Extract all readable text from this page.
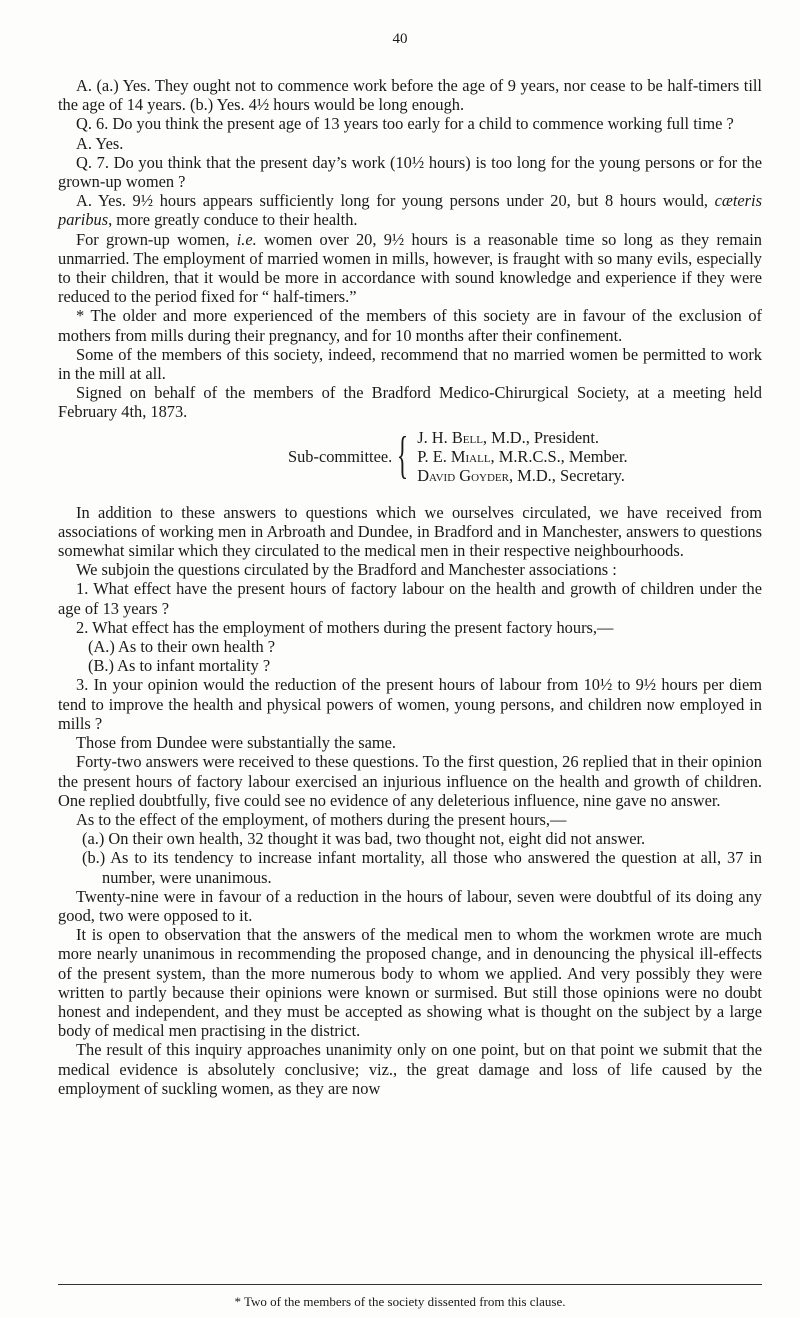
40

A. (a.) Yes. They ought not to commence work before the age of 9 years, nor cease to be half-timers till the age of 14 years. (b.) Yes. 4½ hours would be long enough.

Q. 6. Do you think the present age of 13 years too early for a child to commence working full time ?

A. Yes.

Q. 7. Do you think that the present day’s work (10½ hours) is too long for the young persons or for the grown-up women ?

A. Yes. 9½ hours appears sufficiently long for young persons under 20, but 8 hours would, cæteris paribus, more greatly conduce to their health.

For grown-up women, i.e. women over 20, 9½ hours is a reasonable time so long as they remain unmarried. The employment of married women in mills, however, is fraught with so many evils, especially to their children, that it would be more in accordance with sound knowledge and experience if they were reduced to the period fixed for “ half-timers.”

* The older and more experienced of the members of this society are in favour of the exclusion of mothers from mills during their pregnancy, and for 10 months after their confinement.

Some of the members of this society, indeed, recommend that no married women be permitted to work in the mill at all.

Signed on behalf of the members of the Bradford Medico-Chirurgical Society, at a meeting held February 4th, 1873.

Sub-committee. { J. H. Bell, M.D., President.
P. E. Miall, M.R.C.S., Member.
David Goyder, M.D., Secretary.

In addition to these answers to questions which we ourselves circulated, we have received from associations of working men in Arbroath and Dundee, in Bradford and in Manchester, answers to questions somewhat similar which they circulated to the medical men in their respective neighbourhoods.

We subjoin the questions circulated by the Bradford and Manchester associations :

1. What effect have the present hours of factory labour on the health and growth of children under the age of 13 years ?

2. What effect has the employment of mothers during the present factory hours,—

(A.) As to their own health ?

(B.) As to infant mortality ?

3. In your opinion would the reduction of the present hours of labour from 10½ to 9½ hours per diem tend to improve the health and physical powers of women, young persons, and children now employed in mills ?

Those from Dundee were substantially the same.

Forty-two answers were received to these questions. To the first question, 26 replied that in their opinion the present hours of factory labour exercised an injurious influence on the health and growth of children. One replied doubtfully, five could see no evidence of any deleterious influence, nine gave no answer.

As to the effect of the employment, of mothers during the present hours,—

(a.) On their own health, 32 thought it was bad, two thought not, eight did not answer.

(b.) As to its tendency to increase infant mortality, all those who answered the question at all, 37 in number, were unanimous.

Twenty-nine were in favour of a reduction in the hours of labour, seven were doubtful of its doing any good, two were opposed to it.

It is open to observation that the answers of the medical men to whom the workmen wrote are much more nearly unanimous in recommending the proposed change, and in denouncing the physical ill-effects of the present system, than the more numerous body to whom we applied. And very possibly they were written to partly because their opinions were known or surmised. But still those opinions were no doubt honest and independent, and they must be accepted as showing what is thought on the subject by a large body of medical men practising in the district.

The result of this inquiry approaches unanimity only on one point, but on that point we submit that the medical evidence is absolutely conclusive; viz., the great damage and loss of life caused by the employment of suckling women, as they are now

* Two of the members of the society dissented from this clause.
